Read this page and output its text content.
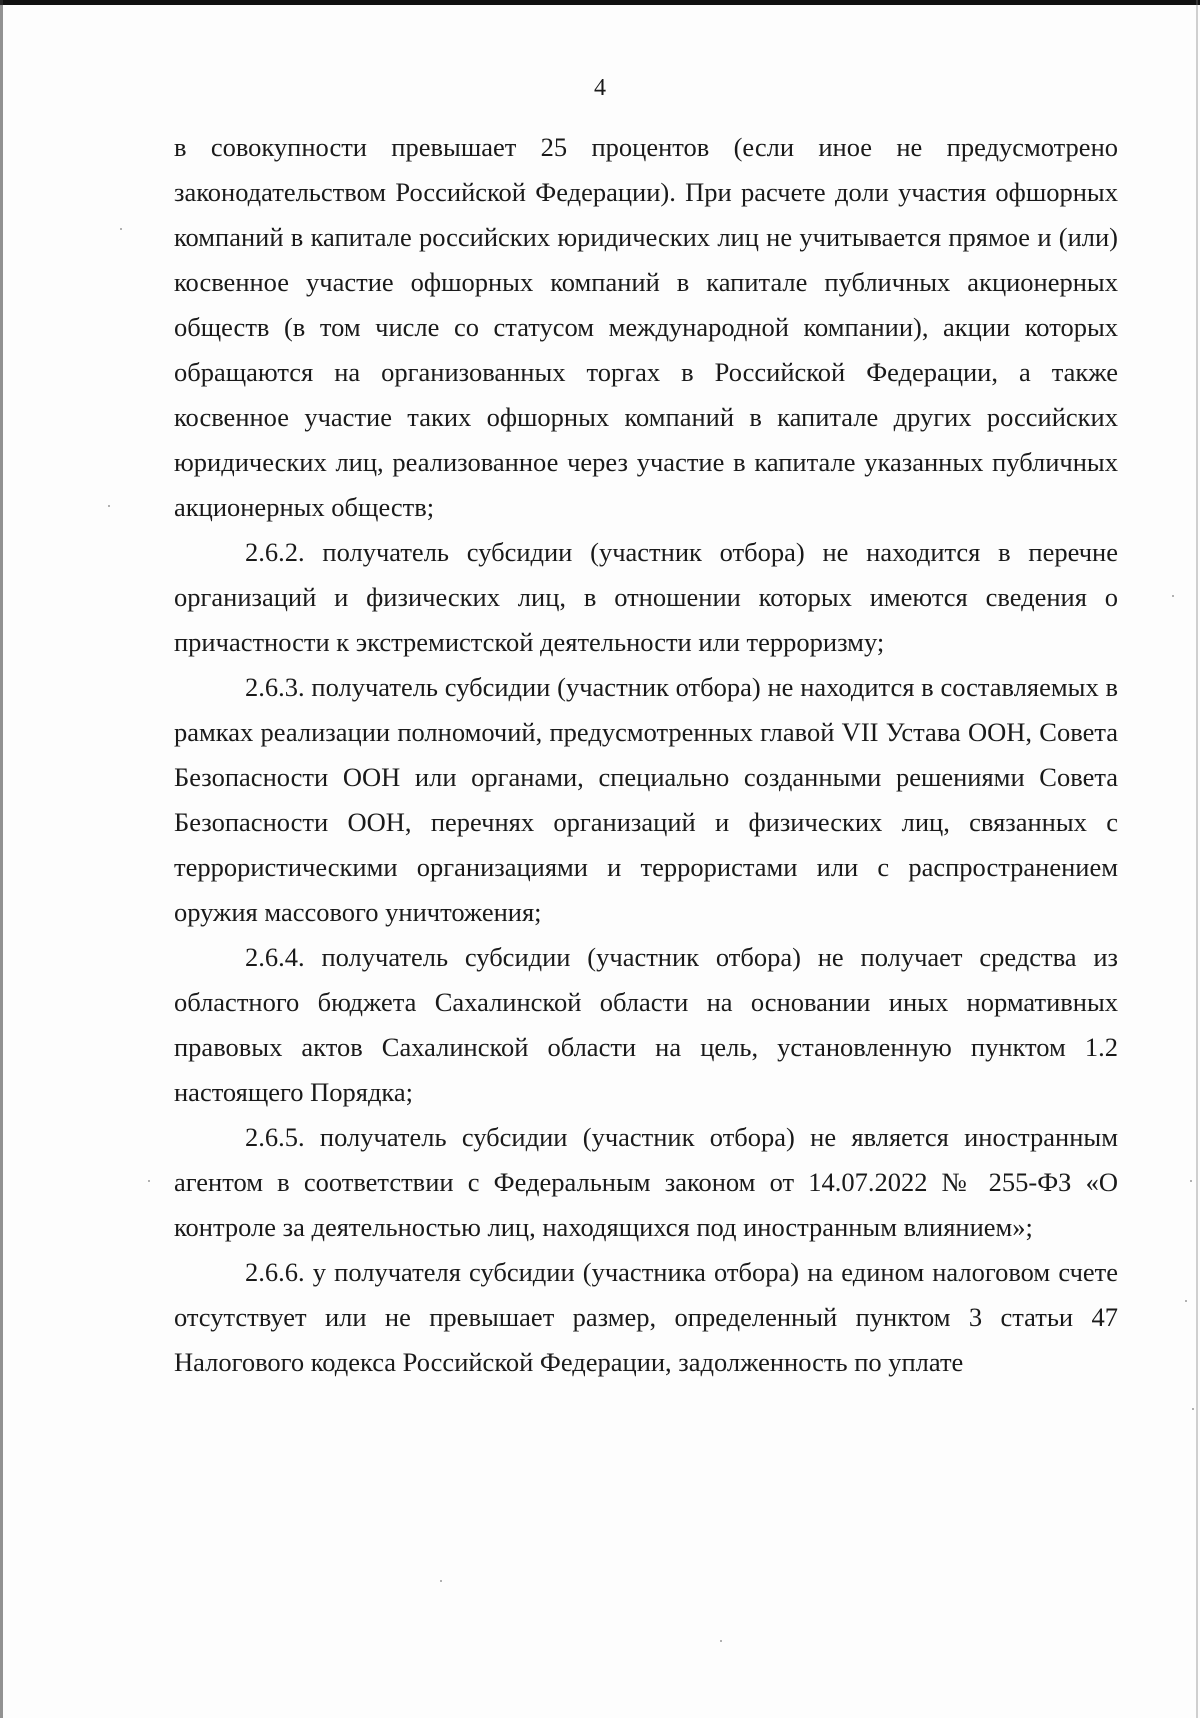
4

в совокупности превышает 25 процентов (если иное не предусмотрено законодательством Российской Федерации). При расчете доли участия офшорных компаний в капитале российских юридических лиц не учитывается прямое и (или) косвенное участие офшорных компаний в капитале публичных акционерных обществ (в том числе со статусом международной компании), акции которых обращаются на организованных торгах в Российской Федерации, а также косвенное участие таких офшорных компаний в капитале других российских юридических лиц, реализованное через участие в капитале указанных публичных акционерных обществ;

2.6.2. получатель субсидии (участник отбора) не находится в перечне организаций и физических лиц, в отношении которых имеются сведения о причастности к экстремистской деятельности или терроризму;

2.6.3. получатель субсидии (участник отбора) не находится в составляемых в рамках реализации полномочий, предусмотренных главой VII Устава ООН, Совета Безопасности ООН или органами, специально созданными решениями Совета Безопасности ООН, перечнях организаций и физических лиц, связанных с террористическими организациями и террористами или с распространением оружия массового уничтожения;

2.6.4. получатель субсидии (участник отбора) не получает средства из областного бюджета Сахалинской области на основании иных нормативных правовых актов Сахалинской области на цель, установленную пунктом 1.2 настоящего Порядка;

2.6.5. получатель субсидии (участник отбора) не является иностранным агентом в соответствии с Федеральным законом от 14.07.2022 № 255-ФЗ «О контроле за деятельностью лиц, находящихся под иностранным влиянием»;

2.6.6. у получателя субсидии (участника отбора) на едином налоговом счете отсутствует или не превышает размер, определенный пунктом 3 статьи 47 Налогового кодекса Российской Федерации, задолженность по уплате
